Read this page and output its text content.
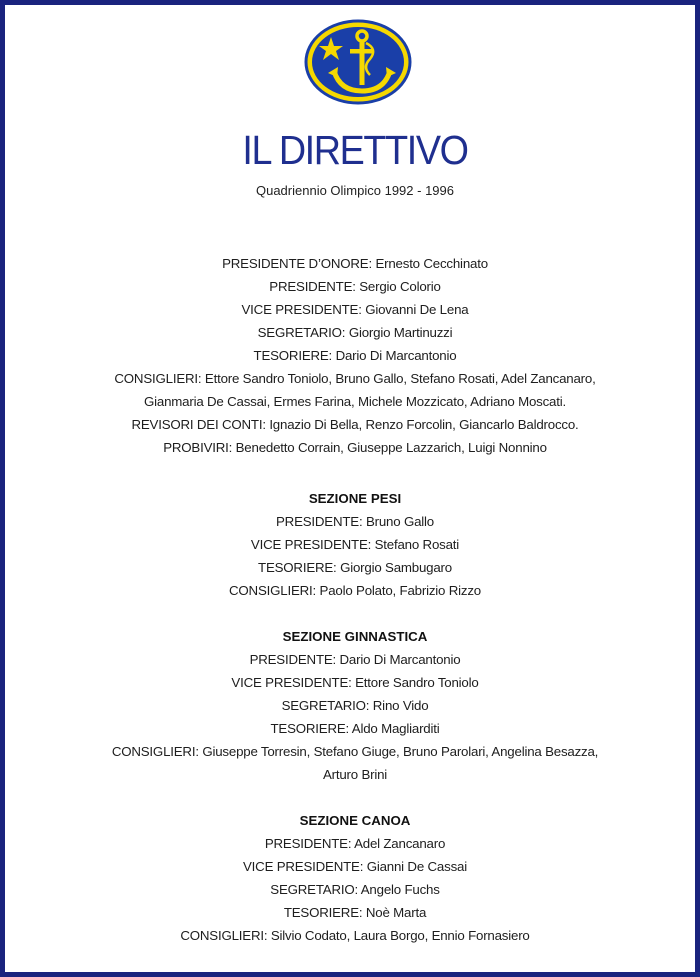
IL DIRETTIVO
Quadriennio Olimpico 1992 - 1996
PRESIDENTE D’ONORE: Ernesto Cecchinato
PRESIDENTE: Sergio Colorio
VICE PRESIDENTE: Giovanni De Lena
SEGRETARIO: Giorgio Martinuzzi
TESORIERE: Dario Di Marcantonio
CONSIGLIERI: Ettore Sandro Toniolo, Bruno Gallo, Stefano Rosati, Adel Zancanaro,
Gianmaria De Cassai, Ermes Farina, Michele Mozzicato, Adriano Moscati.
REVISORI DEI CONTI: Ignazio Di Bella, Renzo Forcolin, Giancarlo Baldrocco.
PROBIVIRI: Benedetto Corrain, Giuseppe Lazzarich, Luigi Nonnino
SEZIONE PESI
PRESIDENTE: Bruno Gallo
VICE PRESIDENTE: Stefano Rosati
TESORIERE: Giorgio Sambugaro
CONSIGLIERI: Paolo Polato, Fabrizio Rizzo
SEZIONE GINNASTICA
PRESIDENTE: Dario Di Marcantonio
VICE PRESIDENTE: Ettore Sandro Toniolo
SEGRETARIO: Rino Vido
TESORIERE: Aldo Magliarditi
CONSIGLIERI: Giuseppe Torresin, Stefano Giuge, Bruno Parolari, Angelina Besazza,
Arturo Brini
SEZIONE CANOA
PRESIDENTE: Adel Zancanaro
VICE PRESIDENTE: Gianni De Cassai
SEGRETARIO: Angelo Fuchs
TESORIERE: Noè Marta
CONSIGLIERI: Silvio Codato, Laura Borgo, Ennio Fornasiero
